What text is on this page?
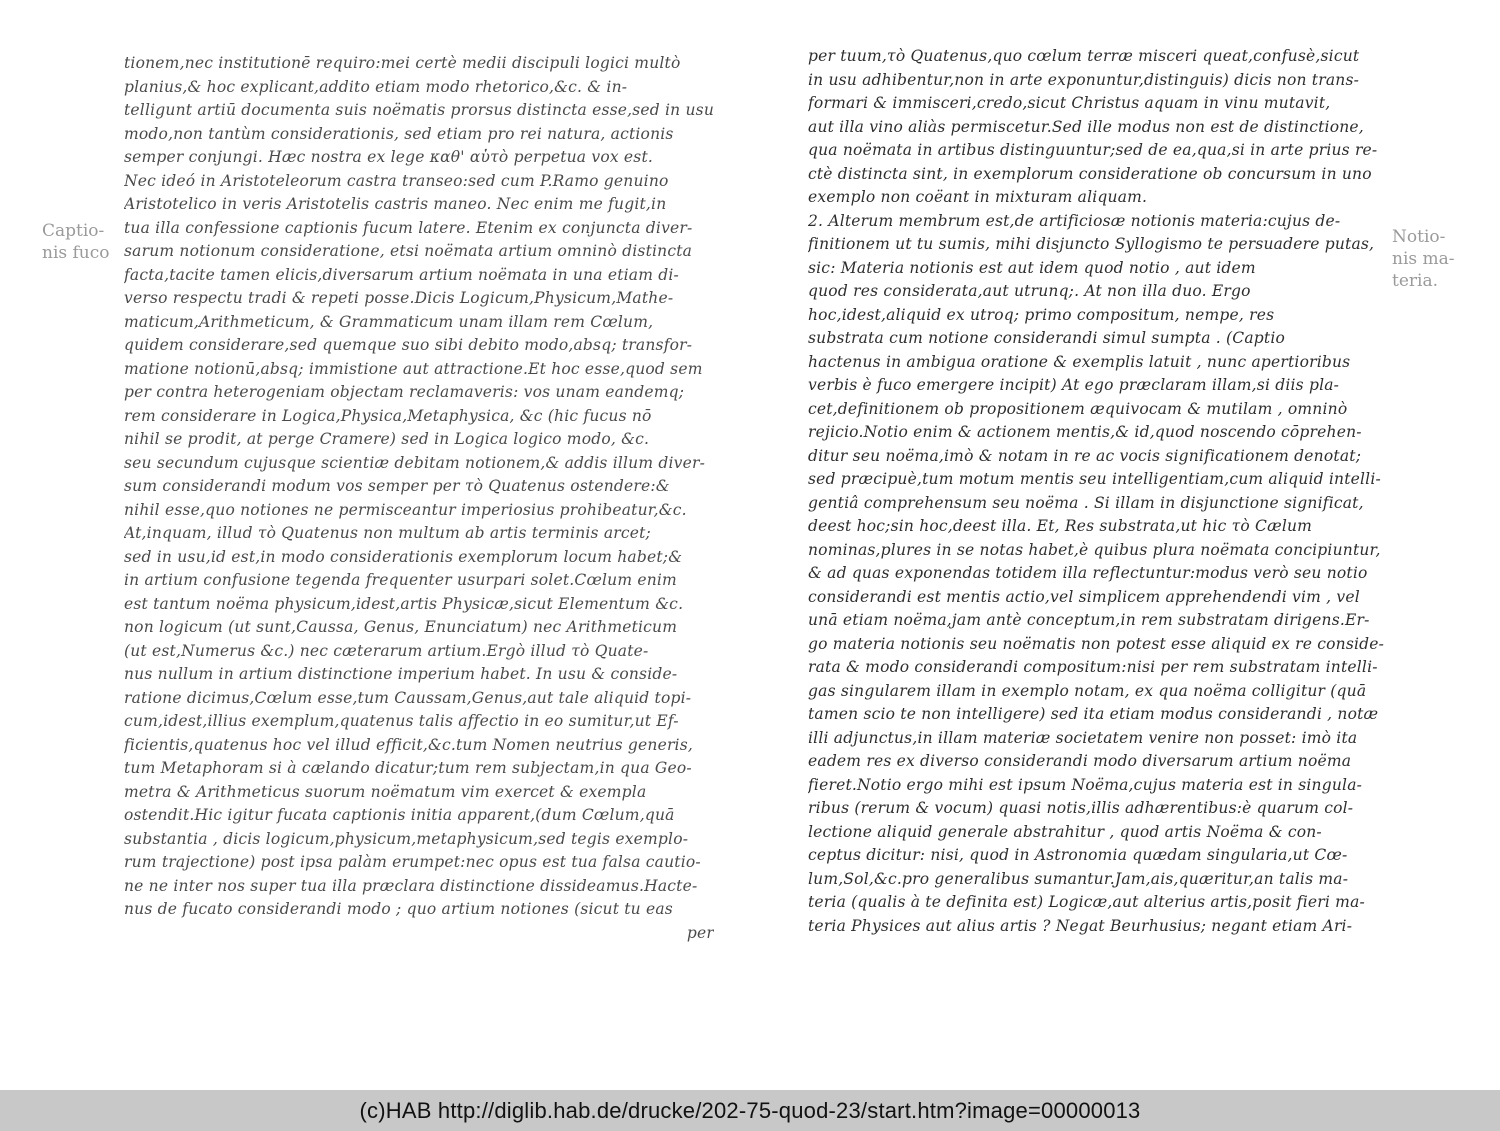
Captio-
nis fuco
tionem,nec institutionē requiro:mei certè medii discipuli logici multò
planius,& hoc explicant,addito etiam modo rhetorico,&c. & in-
telligunt artiū documenta suis noëmatis prorsus distincta esse,sed in usu
modo,non tantùm considerationis, sed etiam pro rei natura, actionis
semper conjungi. Hæc nostra ex lege καθ' αὑτὸ perpetua vox est.
Nec ideó in Aristoteleorum castra transeo:sed cum P.Ramo genuino
Aristotelico in veris Aristotelis castris maneo. Nec enim me fugit,in
tua illa confessione captionis fucum latere. Etenim ex conjuncta diver-
sarum notionum consideratione, etsi noëmata artium omninò distincta
facta,tacite tamen elicis,diversarum artium noëmata in una etiam di-
verso respectu tradi & repeti posse.Dicis Logicum,Physicum,Mathe-
maticum,Arithmeticum, & Grammaticum unam illam rem Cœlum,
quidem considerare,sed quemque suo sibi debito modo,absq; transfor-
matione notionū,absq; immistione aut attractione.Et hoc esse,quod sem
per contra heterogeniam objectam reclamaveris: vos unam eandemq;
rem considerare in Logica,Physica,Metaphysica, &c (hic fucus nō
nihil se prodit, at perge Cramere) sed in Logica logico modo, &c.
seu secundum cujusque scientiæ debitam notionem,& addis illum diver-
sum considerandi modum vos semper per τὸ Quatenus ostendere:&
nihil esse,quo notiones ne permisceantur imperiosius prohibeatur,&c.
At,inquam, illud τὸ Quatenus non multum ab artis terminis arcet;
sed in usu,id est,in modo considerationis exemplorum locum habet;&
in artium confusione tegenda frequenter usurpari solet.Cœlum enim
est tantum noëma physicum,idest,artis Physicæ,sicut Elementum &c.
non logicum (ut sunt,Caussa, Genus, Enunciatum) nec Arithmeticum
(ut est,Numerus &c.) nec cæterarum artium.Ergò illud τὸ Quate-
nus nullum in artium distinctione imperium habet. In usu & conside-
ratione dicimus,Cœlum esse,tum Caussam,Genus,aut tale aliquid topi-
cum,idest,illius exemplum,quatenus talis affectio in eo sumitur,ut Ef-
ficientis,quatenus hoc vel illud efficit,&c.tum Nomen neutrius generis,
tum Metaphoram si à cælando dicatur;tum rem subjectam,in qua Geo-
metra & Arithmeticus suorum noëmatum vim exercet & exempla
ostendit.Hic igitur fucata captionis initia apparent,(dum Cœlum,quā
substantia , dicis logicum,physicum,metaphysicum,sed tegis exemplo-
rum trajectione) post ipsa palàm erumpet:nec opus est tua falsa cautio-
ne ne inter nos super tua illa præclara distinctione dissideamus.Hacte-
nus de fucato considerandi modo ; quo artium notiones (sicut tu eas
per
per tuum,τὸ Quatenus,quo cœlum terræ misceri queat,confusè,sicut
in usu adhibentur,non in arte exponuntur,distinguis) dicis non trans-
formari & immisceri,credo,sicut Christus aquam in vinu mutavit,
aut illa vino aliàs permiscetur.Sed ille modus non est de distinctione,
qua noëmata in artibus distinguuntur;sed de ea,qua,si in arte prius re-
ctè distincta sint, in exemplorum consideratione ob concursum in uno
exemplo non coëant in mixturam aliquam.
2. Alterum membrum est,de artificiosæ notionis materia:cujus de-
finitionem ut tu sumis, mihi disjuncto Syllogismo te persuadere putas,
sic: Materia notionis est aut idem quod notio , aut idem
quod res considerata,aut utrunq;. At non illa duo. Ergo
hoc,idest,aliquid ex utroq; primo compositum, nempe, res
substrata cum notione considerandi simul sumpta . (Captio
hactenus in ambigua oratione & exemplis latuit , nunc apertioribus
verbis è fuco emergere incipit) At ego præclaram illam,si diis pla-
cet,definitionem ob propositionem æquivocam & mutilam , omninò
rejicio.Notio enim & actionem mentis,& id,quod noscendo cōprehen-
ditur seu noëma,imò & notam in re ac vocis significationem denotat;
sed præcipuè,tum motum mentis seu intelligentiam,cum aliquid intelli-
gentiâ comprehensum seu noëma . Si illam in disjunctione significat,
deest hoc;sin hoc,deest illa. Et, Res substrata,ut hic τὸ Cælum
nominas,plures in se notas habet,è quibus plura noëmata concipiuntur,
& ad quas exponendas totidem illa reflectuntur:modus verò seu notio
considerandi est mentis actio,vel simplicem apprehendendi vim , vel
unā etiam noëma,jam antè conceptum,in rem substratam dirigens.Er-
go materia notionis seu noëmatis non potest esse aliquid ex re conside-
rata & modo considerandi compositum:nisi per rem substratam intelli-
gas singularem illam in exemplo notam, ex qua noëma colligitur (quā
tamen scio te non intelligere) sed ita etiam modus considerandi , notæ
illi adjunctus,in illam materiæ societatem venire non posset: imò ita
eadem res ex diverso considerandi modo diversarum artium noëma
fieret.Notio ergo mihi est ipsum Noëma,cujus materia est in singula-
ribus (rerum & vocum) quasi notis,illis adhærentibus:è quarum col-
lectione aliquid generale abstrahitur , quod artis Noëma & con-
ceptus dicitur: nisi, quod in Astronomia quædam singularia,ut Cœ-
lum,Sol,&c.pro generalibus sumantur.Jam,ais,quæritur,an talis ma-
teria (qualis à te definita est) Logicæ,aut alterius artis,posit fieri ma-
teria Physices aut alius artis ? Negat Beurhusius; negant etiam Ari-
Notio-
nis ma-
teria.
(c)HAB http://diglib.hab.de/drucke/202-75-quod-23/start.htm?image=00000013
